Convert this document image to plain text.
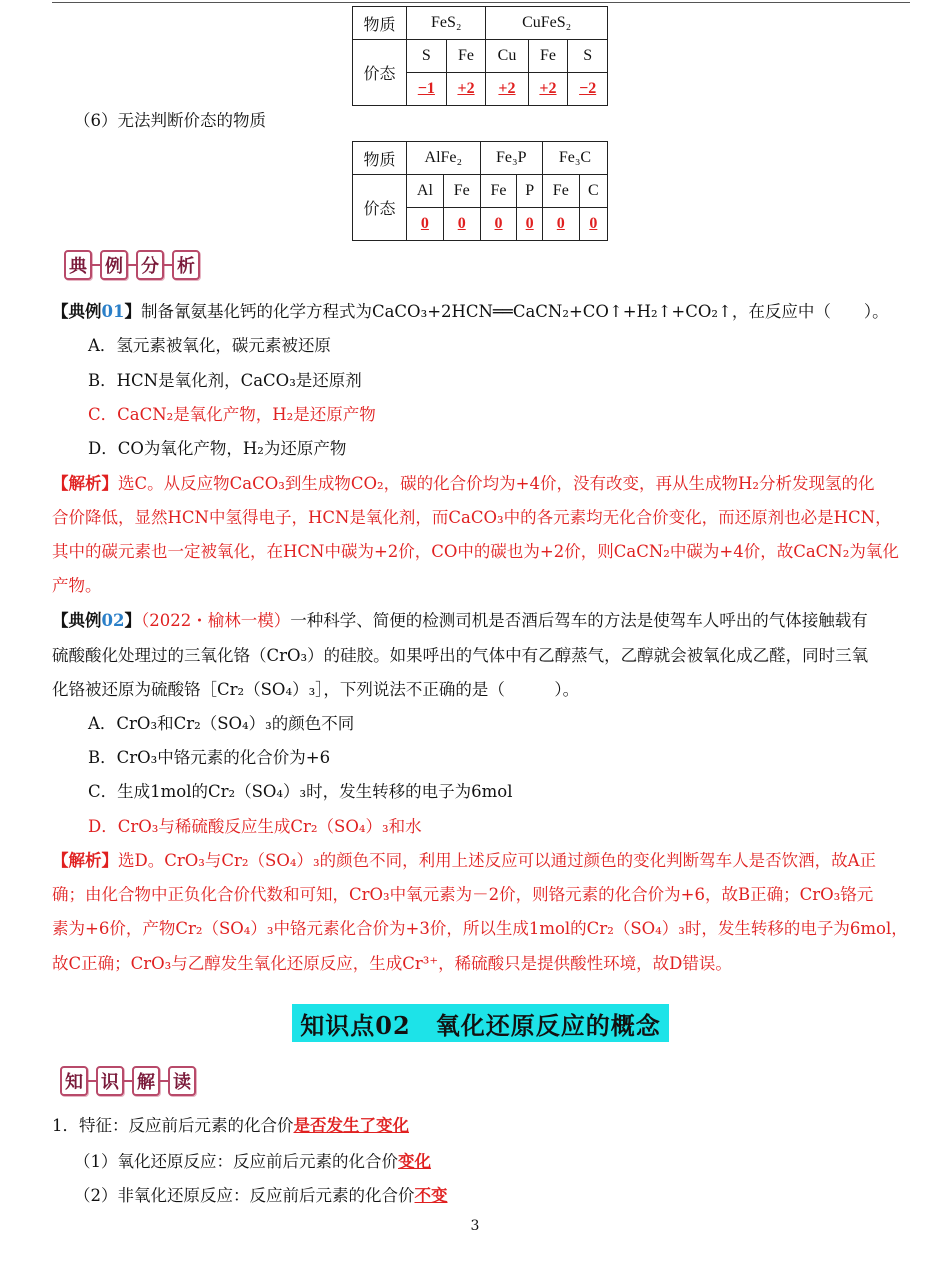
物质	FeS₂		CuFeS₂		
价态	S	Fe	Cu	Fe	S
	−1	+2	+2	+2	−2
（6）无法判断价态的物质
物质	AlFe₂		Fe₃P		Fe₃C	
价态	Al	Fe	Fe	P	Fe	C
	0	0	0	0	0	0
典 例 分 析
【典例01】制备氰氨基化钙的化学方程式为CaCO₃+2HCN══CaCN₂+CO↑+H₂↑+CO₂↑，在反应中（　　）。
A．氢元素被氧化，碳元素被还原
B．HCN是氧化剂，CaCO₃是还原剂
C．CaCN₂是氧化产物，H₂是还原产物
D．CO为氧化产物，H₂为还原产物
【解析】选C。从反应物CaCO₃到生成物CO₂，碳的化合价均为+4价，没有改变，再从生成物H₂分析发现氢的化
合价降低，显然HCN中氢得电子，HCN是氧化剂，而CaCO₃中的各元素均无化合价变化，而还原剂也必是HCN，
其中的碳元素也一定被氧化，在HCN中碳为+2价，CO中的碳也为+2价，则CaCN₂中碳为+4价，故CaCN₂为氧化
产物。
【典例02】（2022・榆林一模）一种科学、简便的检测司机是否酒后驾车的方法是使驾车人呼出的气体接触载有
硫酸酸化处理过的三氧化铬（CrO₃）的硅胶。如果呼出的气体中有乙醇蒸气，乙醇就会被氧化成乙醛，同时三氧
化铬被还原为硫酸铬［Cr₂（SO₄）₃］，下列说法不正确的是（　　　）。
A．CrO₃和Cr₂（SO₄）₃的颜色不同
B．CrO₃中铬元素的化合价为+6
C．生成1mol的Cr₂（SO₄）₃时，发生转移的电子为6mol
D．CrO₃与稀硫酸反应生成Cr₂（SO₄）₃和水
【解析】选D。CrO₃与Cr₂（SO₄）₃的颜色不同，利用上述反应可以通过颜色的变化判断驾车人是否饮酒，故A正
确；由化合物中正负化合价代数和可知，CrO₃中氧元素为－2价，则铬元素的化合价为+6，故B正确；CrO₃铬元
素为+6价，产物Cr₂（SO₄）₃中铬元素化合价为+3价，所以生成1mol的Cr₂（SO₄）₃时，发生转移的电子为6mol，
故C正确；CrO₃与乙醇发生氧化还原反应，生成Cr³⁺，稀硫酸只是提供酸性环境，故D错误。
知识点02　氧化还原反应的概念
知 识 解 读
1．特征：反应前后元素的化合价是否发生了变化
（1）氧化还原反应：反应前后元素的化合价变化
（2）非氧化还原反应：反应前后元素的化合价不变
3
